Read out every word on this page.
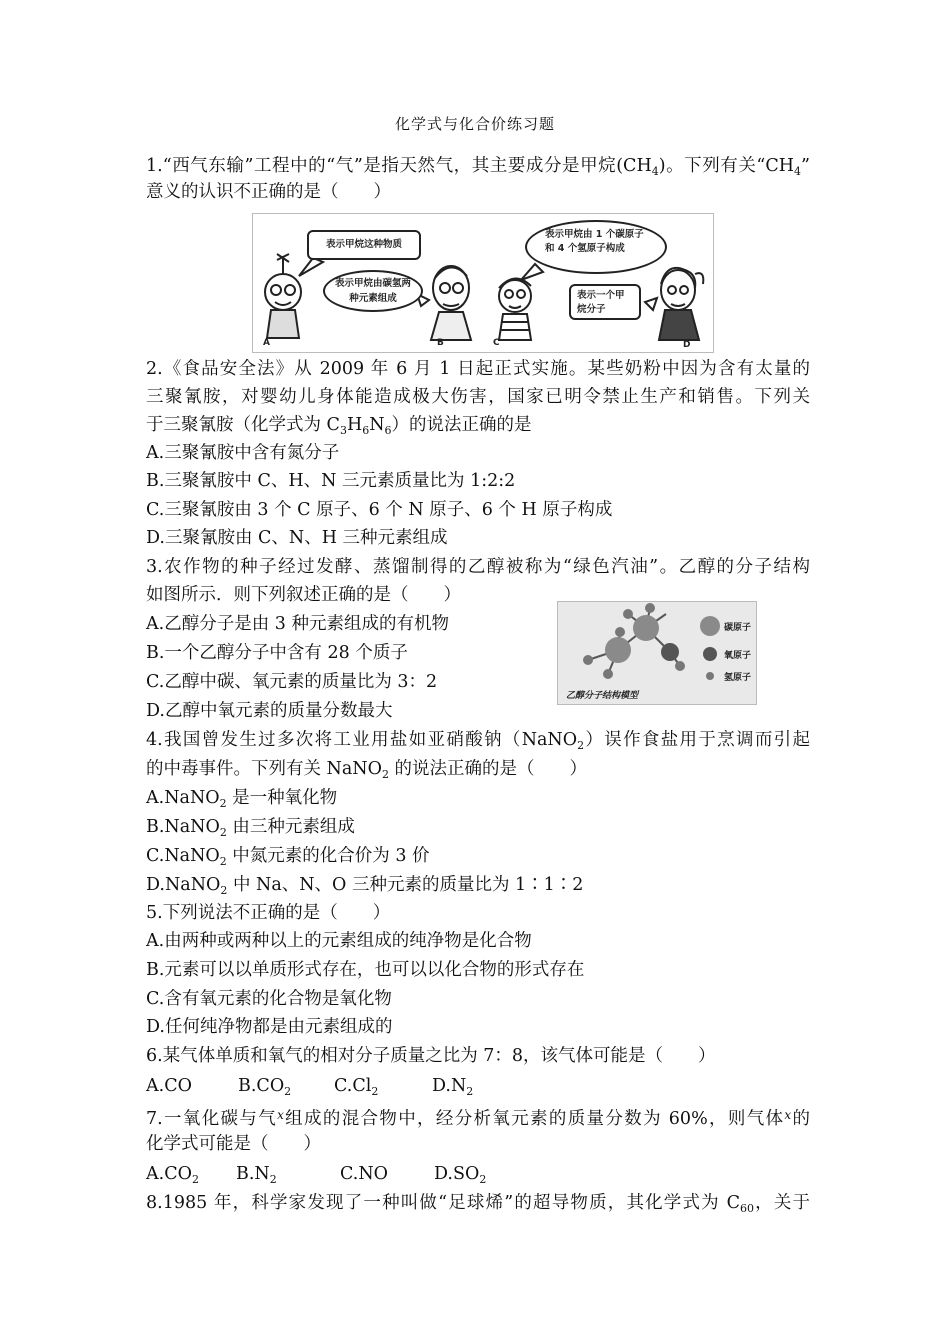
化学式与化合价练习题
1.“西气东输”工程中的“气”是指天然气，其主要成分是甲烷$(CH_4)$。下列有关“$CH_4$”
意义的认识不正确的是（　　）
表示甲烷这种物质
表示甲烷由碳氢两种元素组成
表示甲烷由 1 个碳原子和 4 个氢原子构成
表示一个甲烷分子
A	B	C	D
2.《食品安全法》从 2009 年 6 月 1 日起正式实施。某些奶粉中因为含有太量的
三聚氰胺，对婴幼儿身体能造成极大伤害，国家已明令禁止生产和销售。下列关
于三聚氰胺（化学式为 $C_3H_6N_6$）的说法正确的是
A.三聚氰胺中含有氮分子
B.三聚氰胺中 C、H、N 三元素质量比为 1:2:2
C.三聚氰胺由 3 个 C 原子、6 个 N 原子、6 个 H 原子构成
D.三聚氰胺由 C、N、H 三种元素组成
3.农作物的种子经过发酵、蒸馏制得的乙醇被称为“绿色汽油”。乙醇的分子结构
如图所示．则下列叙述正确的是（　　）
A.乙醇分子是由 3 种元素组成的有机物
B.一个乙醇分子中含有 28 个质子
C.乙醇中碳、氧元素的质量比为 3：2
D.乙醇中氧元素的质量分数最大
碳原子
氧原子
氢原子
乙醇分子结构模型
4.我国曾发生过多次将工业用盐如亚硝酸钠（NaNO$_2$）误作食盐用于烹调而引起
的中毒事件。下列有关 NaNO$_2$ 的说法正确的是（　　）
A.NaNO$_2$ 是一种氧化物
B.NaNO$_2$ 由三种元素组成
C.NaNO$_2$ 中氮元素的化合价为 3 价
D.NaNO$_2$ 中 Na、N、O 三种元素的质量比为 1∶1∶2
5.下列说法不正确的是（　　）
A.由两种或两种以上的元素组成的纯净物是化合物
B.元素可以以单质形式存在，也可以以化合物的形式存在
C.含有氧元素的化合物是氧化物
D.任何纯净物都是由元素组成的
6.某气体单质和氧气的相对分子质量之比为 7：8，该气体可能是（　　）
A.CO	$B.CO_2$ $C.Cl_2$	$D.N_2$
7.一氧化碳与气$^x$组成的混合物中，经分析氧元素的质量分数为 60%，则气体$^x$的
化学式可能是（　　）
$A.CO_2$ $B.N_2$	C.NO	$D.SO_2$
8.1985 年，科学家发现了一种叫做“足球烯”的超导物质，其化学式为 $C_{60}$，关于
